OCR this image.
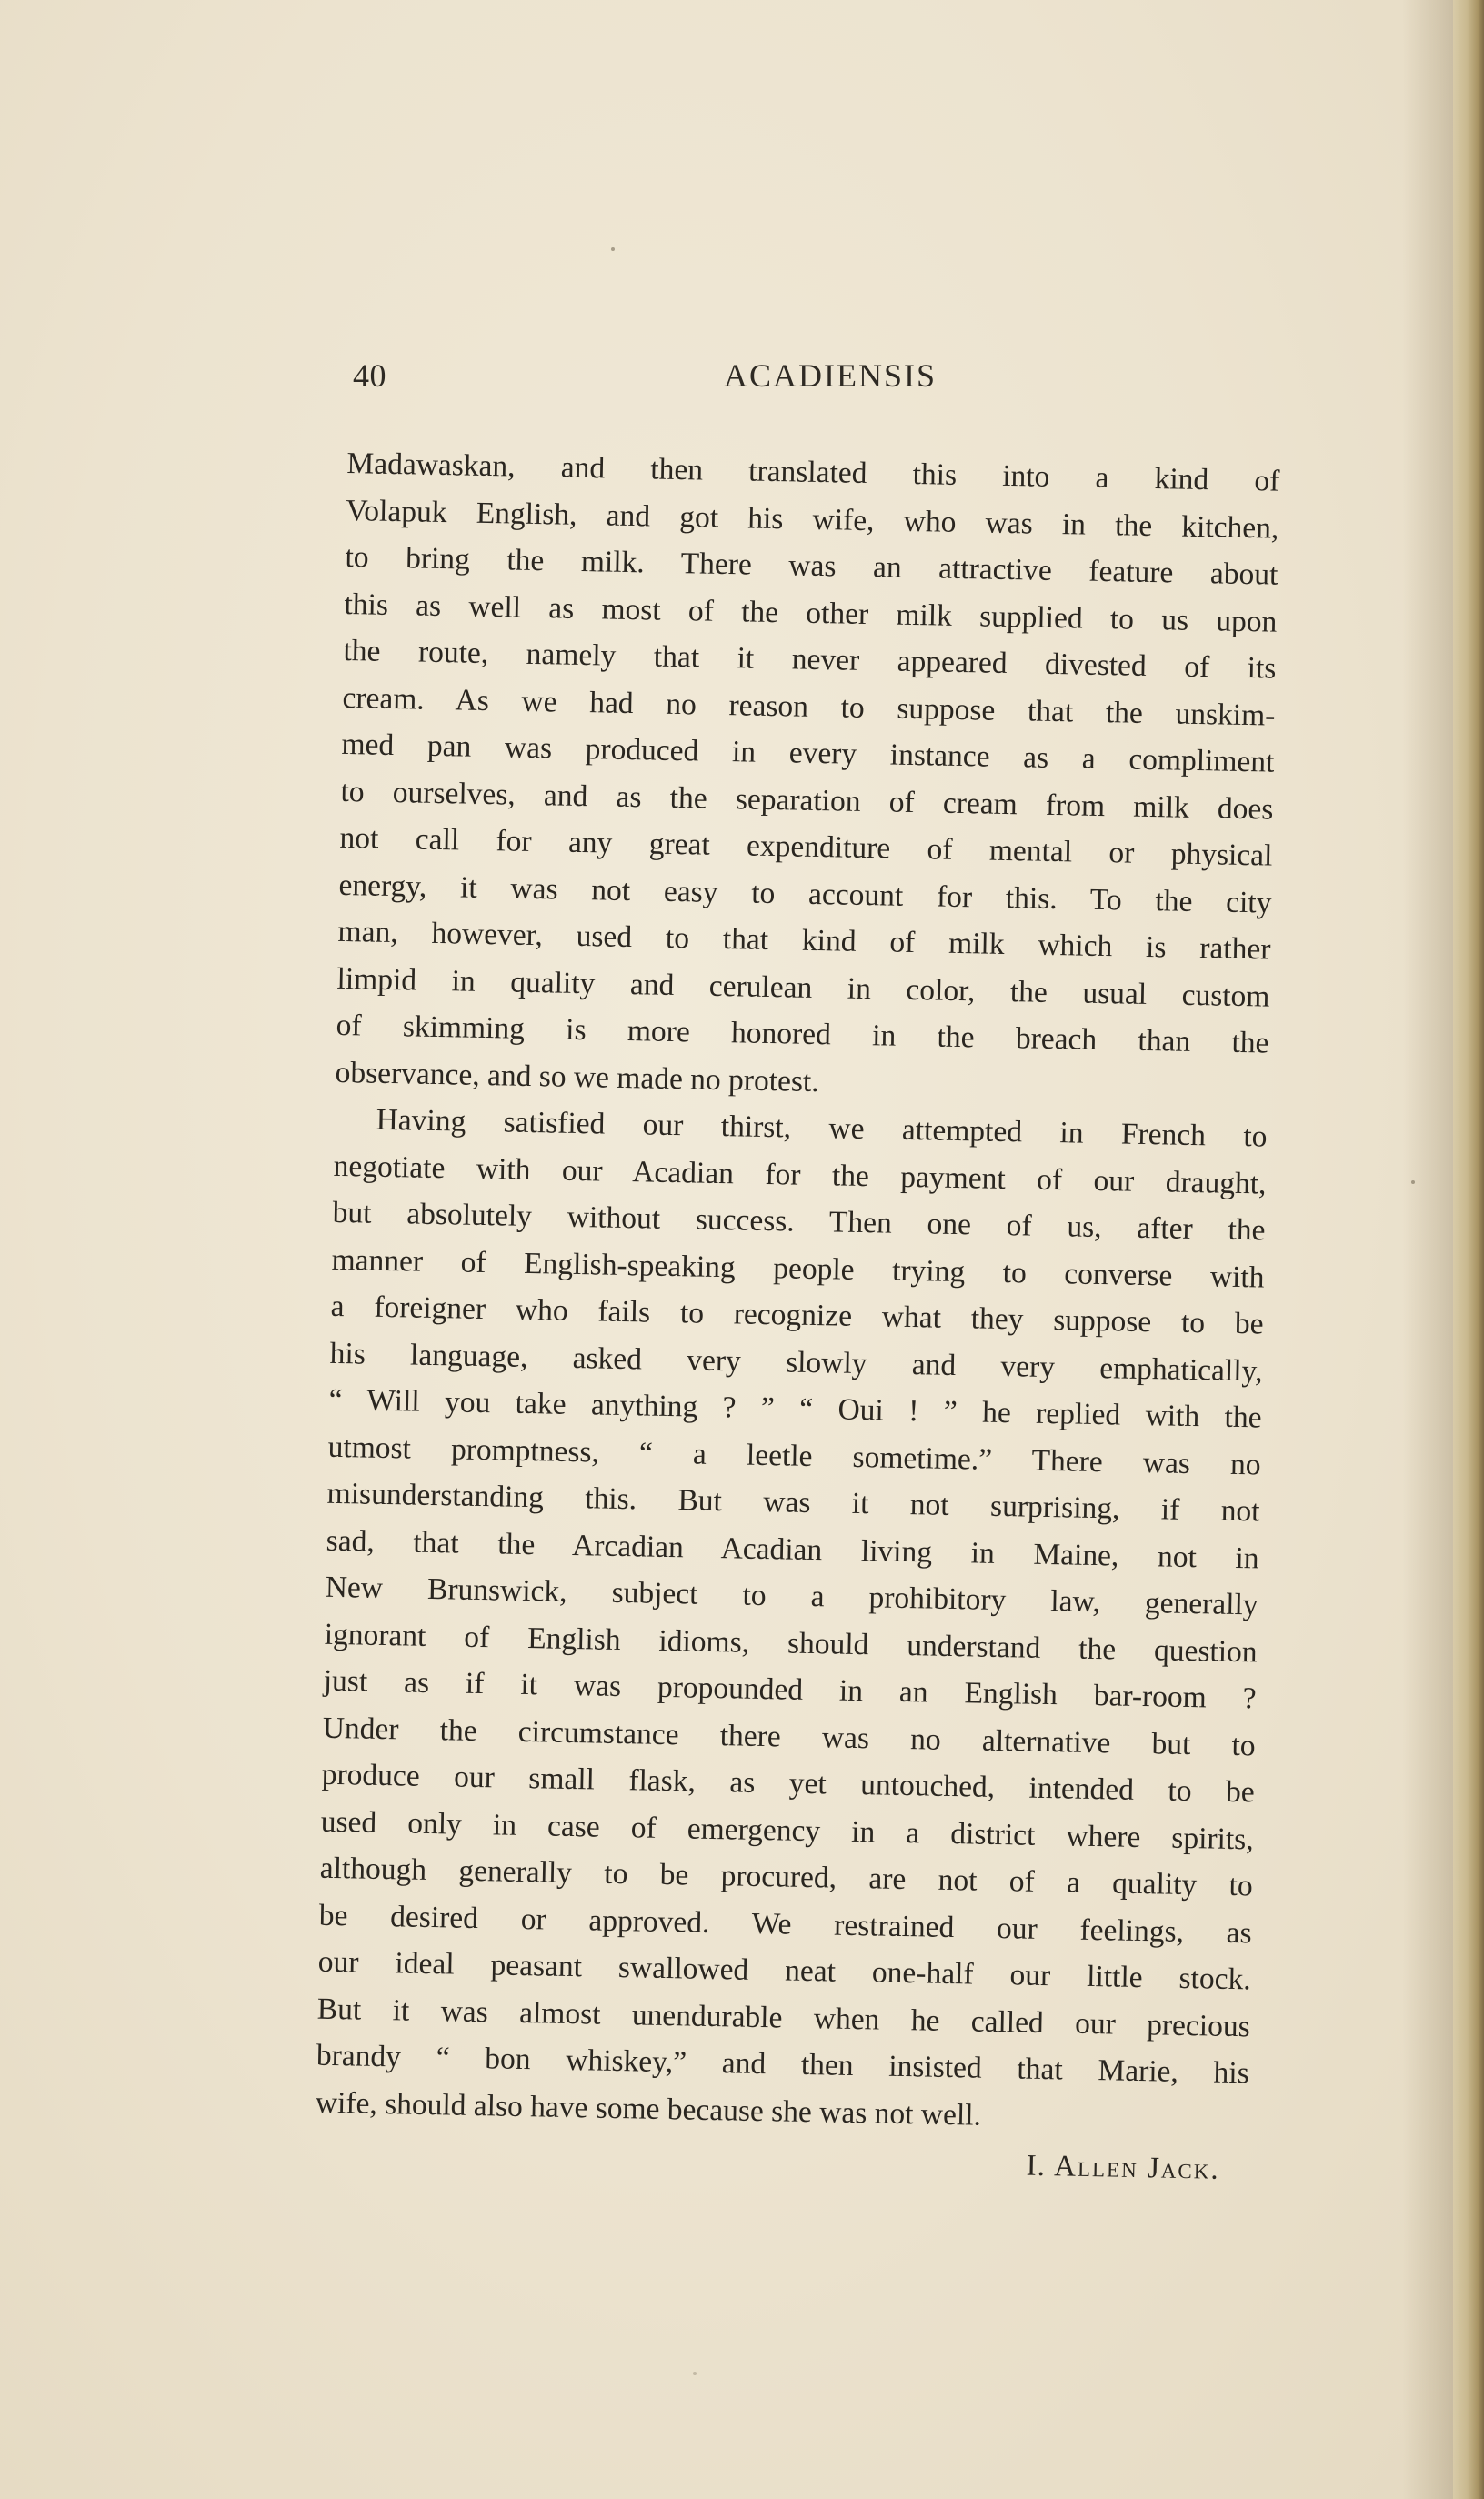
40	ACADIENSIS
Madawaskan, and then translated this into a kind of
Volapuk English, and got his wife, who was in the kitchen,
to bring the milk. There was an attractive feature about
this as well as most of the other milk supplied to us upon
the route, namely that it never appeared divested of its
cream. As we had no reason to suppose that the unskim-
med pan was produced in every instance as a compliment
to ourselves, and as the separation of cream from milk does
not call for any great expenditure of mental or physical
energy, it was not easy to account for this. To the city
man, however, used to that kind of milk which is rather
limpid in quality and cerulean in color, the usual custom
of skimming is more honored in the breach than the
observance, and so we made no protest.
Having satisfied our thirst, we attempted in French to
negotiate with our Acadian for the payment of our draught,
but absolutely without success. Then one of us, after the
manner of English-speaking people trying to converse with
a foreigner who fails to recognize what they suppose to be
his language, asked very slowly and very emphatically,
“ Will you take anything ? ” “ Oui ! ” he replied with the
utmost promptness, “ a leetle sometime.” There was no
misunderstanding this. But was it not surprising, if not
sad, that the Arcadian Acadian living in Maine, not in
New Brunswick, subject to a prohibitory law, generally
ignorant of English idioms, should understand the question
just as if it was propounded in an English bar-room ?
Under the circumstance there was no alternative but to
produce our small flask, as yet untouched, intended to be
used only in case of emergency in a district where spirits,
although generally to be procured, are not of a quality to
be desired or approved. We restrained our feelings, as
our ideal peasant swallowed neat one-half our little stock.
But it was almost unendurable when he called our precious
brandy “ bon whiskey,” and then insisted that Marie, his
wife, should also have some because she was not well.
I. Allen Jack.
